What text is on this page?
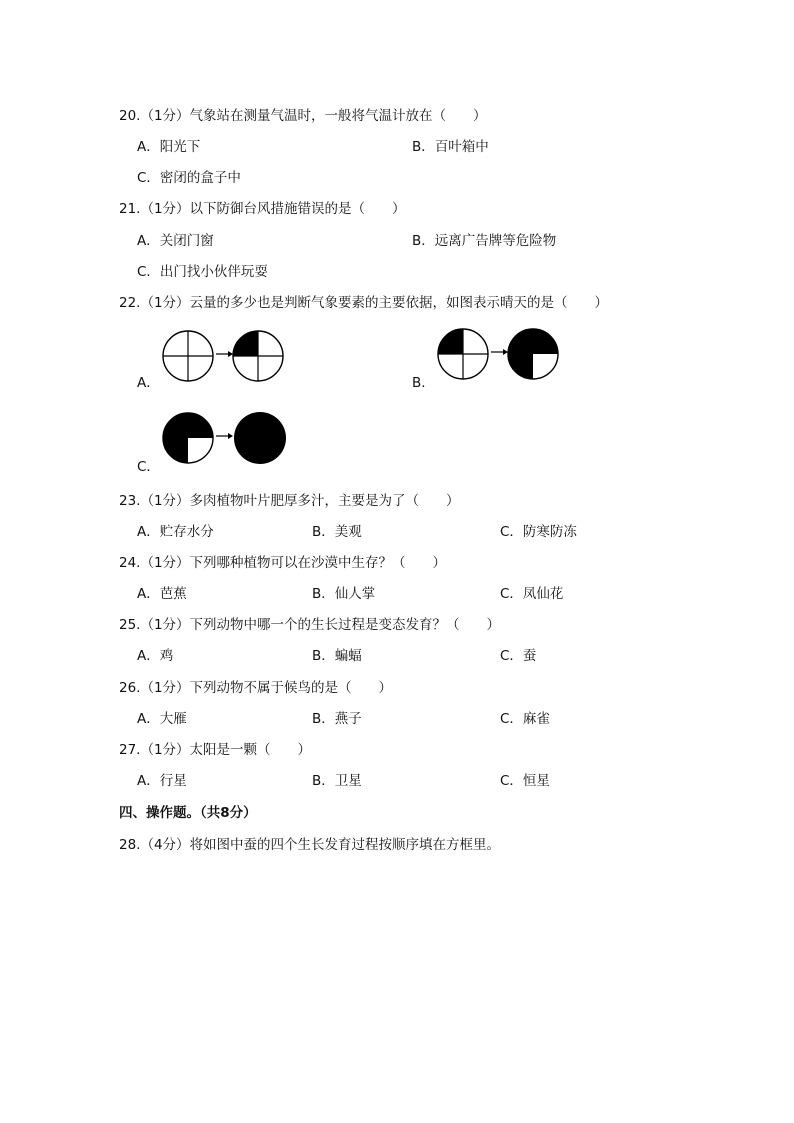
20.（1分）气象站在测量气温时，一般将气温计放在（　　）
A．阳光下	B．百叶箱中
C．密闭的盒子中
21.（1分）以下防御台风措施错误的是（　　）
A．关闭门窗	B．远离广告牌等危险物
C．出门找小伙伴玩耍
22.（1分）云量的多少也是判断气象要素的主要依据，如图表示晴天的是（　　）
A．	B．
C．
23.（1分）多肉植物叶片肥厚多汁，主要是为了（　　）
A．贮存水分	B．美观	C．防寒防冻
24.（1分）下列哪种植物可以在沙漠中生存？（　　）
A．芭蕉	B．仙人掌	C．凤仙花
25.（1分）下列动物中哪一个的生长过程是变态发育？（　　）
A．鸡	B．蝙蝠	C．蚕
26.（1分）下列动物不属于候鸟的是（　　）
A．大雁	B．燕子	C．麻雀
27.（1分）太阳是一颗（　　）
A．行星	B．卫星	C．恒星
四、操作题。（共8分）
28.（4分）将如图中蚕的四个生长发育过程按顺序填在方框里。
